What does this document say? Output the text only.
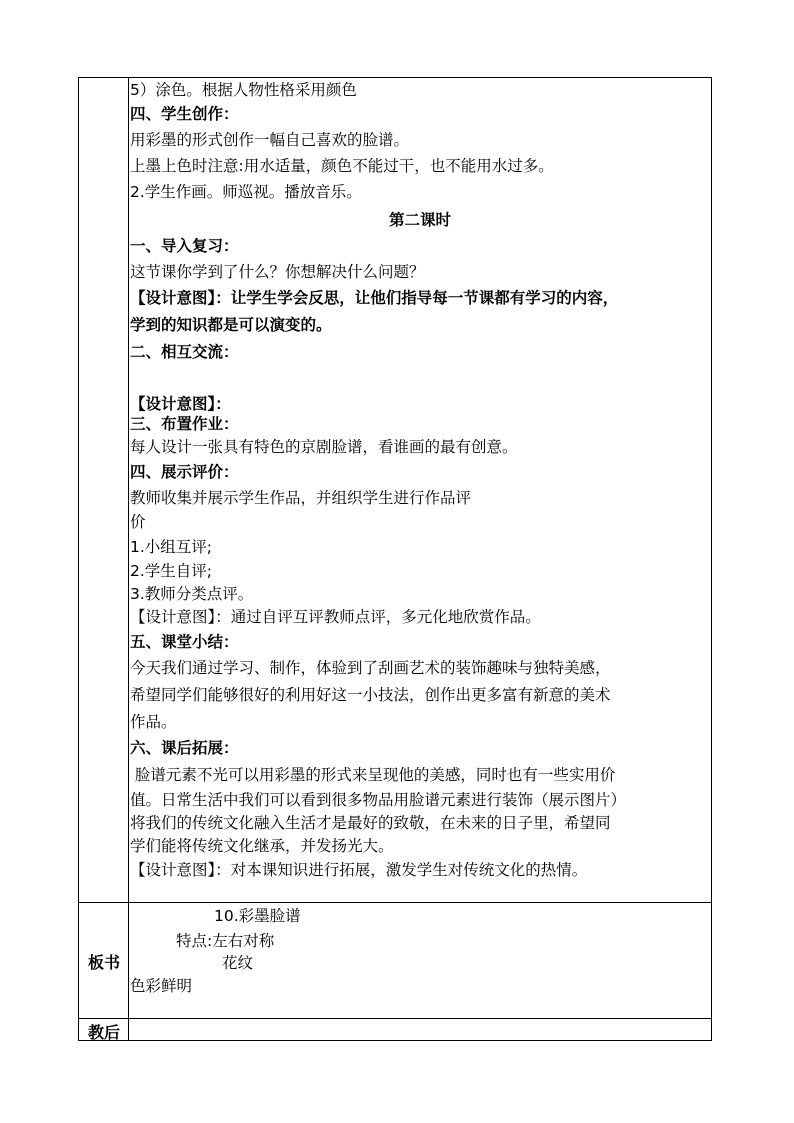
5）涂色。根据人物性格采用颜色
四、学生创作：
用彩墨的形式创作一幅自己喜欢的脸谱。
上墨上色时注意:用水适量，颜色不能过干，也不能用水过多。
2.学生作画。师巡视。播放音乐。
第二课时
一、导入复习：
这节课你学到了什么？你想解决什么问题？
【设计意图】：让学生学会反思，让他们指导每一节课都有学习的内容，
学到的知识都是可以演变的。
二、相互交流：
【设计意图】：
三、布置作业：
每人设计一张具有特色的京剧脸谱，看谁画的最有创意。
四、展示评价：
教师收集并展示学生作品，并组织学生进行作品评
价
1.小组互评;
2.学生自评;
3.教师分类点评。
【设计意图】：通过自评互评教师点评，多元化地欣赏作品。
五、课堂小结：
今天我们通过学习、制作，体验到了刮画艺术的装饰趣味与独特美感，
希望同学们能够很好的利用好这一小技法，创作出更多富有新意的美术
作品。
六、课后拓展：
脸谱元素不光可以用彩墨的形式来呈现他的美感，同时也有一些实用价
值。日常生活中我们可以看到很多物品用脸谱元素进行装饰（展示图片）
将我们的传统文化融入生活才是最好的致敬，在未来的日子里，希望同
学们能将传统文化继承，并发扬光大。
【设计意图】：对本课知识进行拓展，激发学生对传统文化的热情。
板书
10.彩墨脸谱
特点:左右对称
花纹
色彩鲜明
教后
